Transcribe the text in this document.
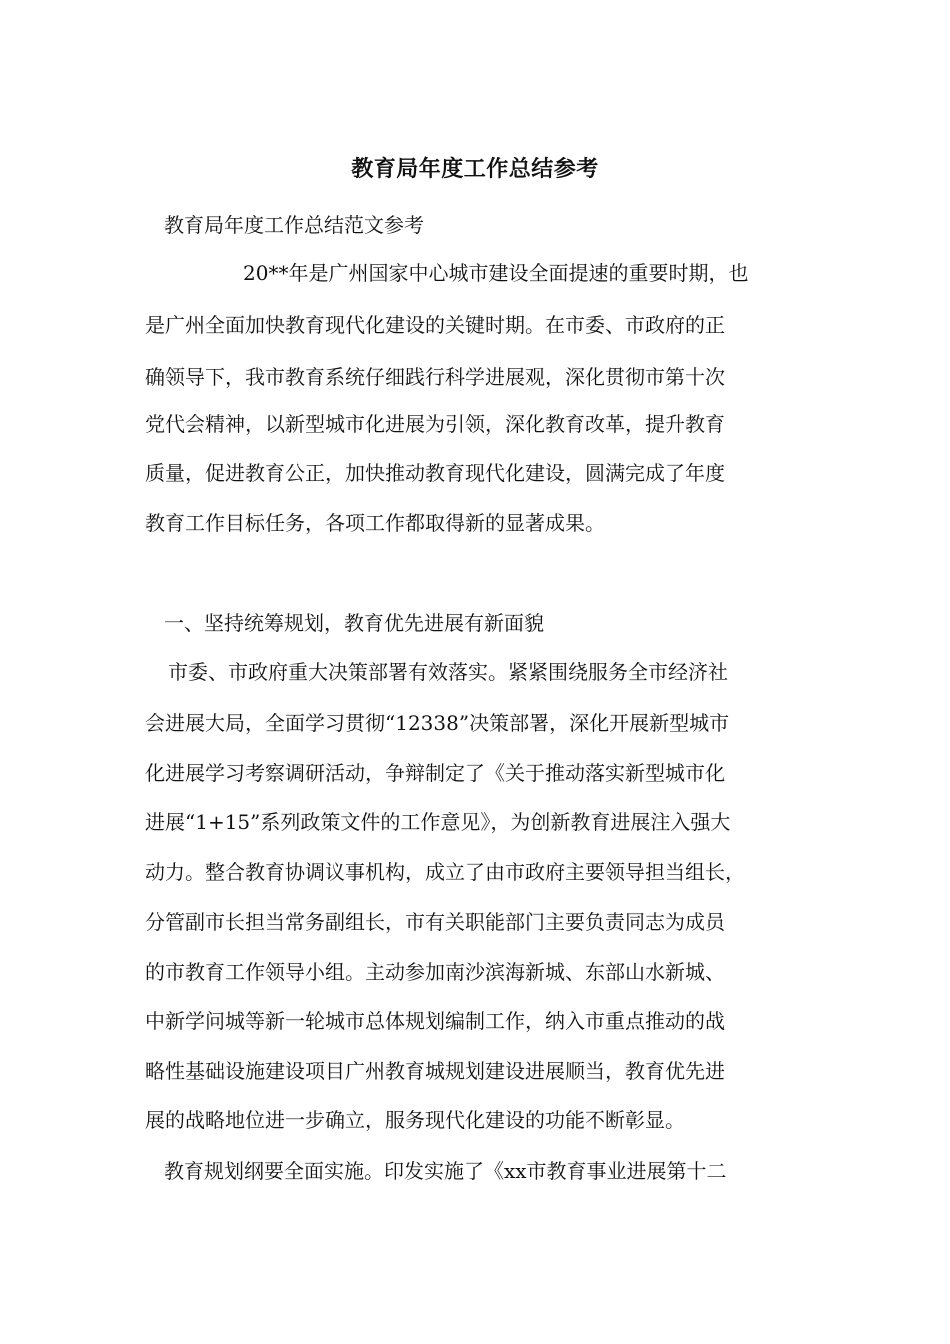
教育局年度工作总结参考
教育局年度工作总结范文参考
20**年是广州国家中心城市建设全面提速的重要时期，也
是广州全面加快教育现代化建设的关键时期。在市委、市政府的正
确领导下，我市教育系统仔细践行科学进展观，深化贯彻市第十次
党代会精神，以新型城市化进展为引领，深化教育改革，提升教育
质量，促进教育公正，加快推动教育现代化建设，圆满完成了年度
教育工作目标任务，各项工作都取得新的显著成果。
一、坚持统筹规划，教育优先进展有新面貌
市委、市政府重大决策部署有效落实。紧紧围绕服务全市经济社
会进展大局，全面学习贯彻“12338”决策部署，深化开展新型城市
化进展学习考察调研活动，争辩制定了《关于推动落实新型城市化
进展“1+15”系列政策文件的工作意见》，为创新教育进展注入强大
动力。整合教育协调议事机构，成立了由市政府主要领导担当组长，
分管副市长担当常务副组长，市有关职能部门主要负责同志为成员
的市教育工作领导小组。主动参加南沙滨海新城、东部山水新城、
中新学问城等新一轮城市总体规划编制工作，纳入市重点推动的战
略性基础设施建设项目广州教育城规划建设进展顺当，教育优先进
展的战略地位进一步确立，服务现代化建设的功能不断彰显。
教育规划纲要全面实施。印发实施了《xx市教育事业进展第十二
